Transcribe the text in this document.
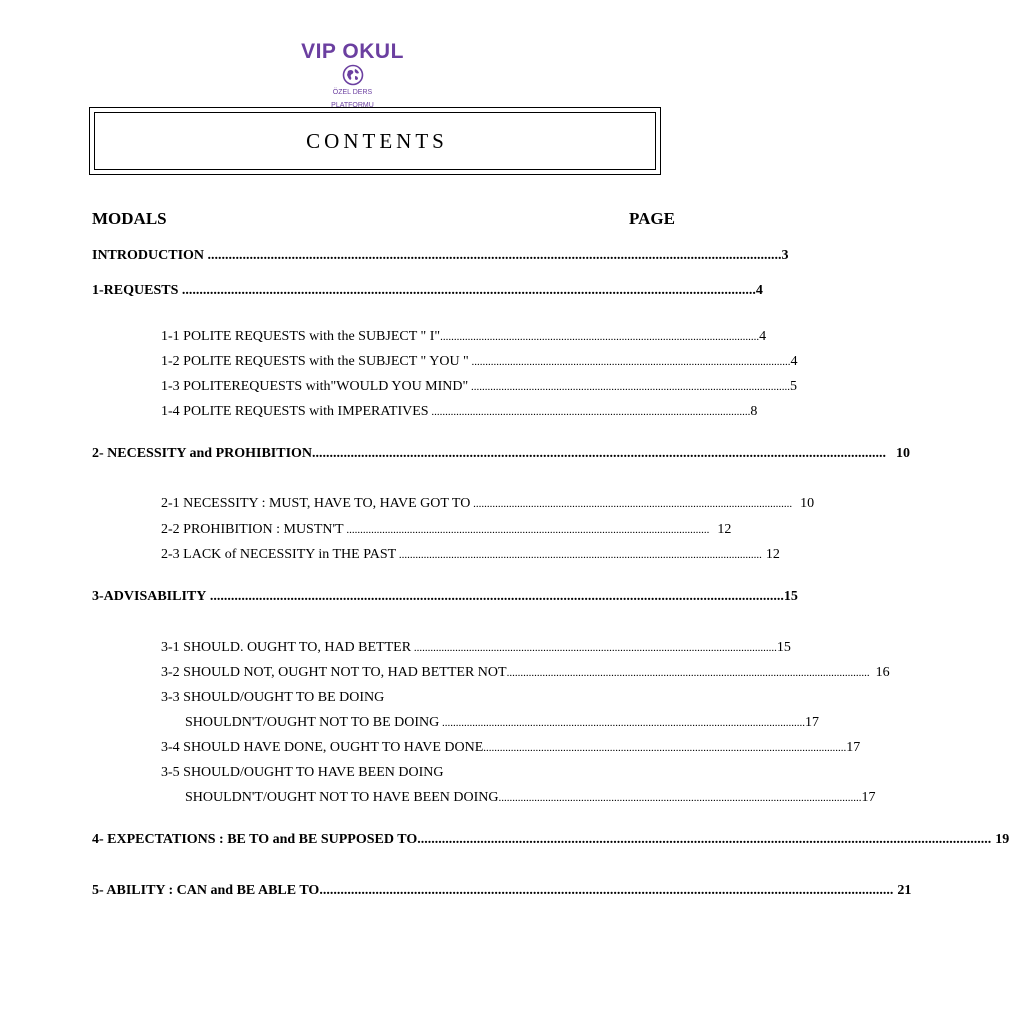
VIP OKUL
ÖZEL DERS
PLATFORMU
CONTENTS
MODALS	PAGE
INTRODUCTION .................................................................................................................................................................... 3
1-REQUESTS .................................................................................................................................................................... 4
1-1 POLITE REQUESTS with the SUBJECT " I" .................................................................................................................... 4
1-2 POLITE REQUESTS with the SUBJECT " YOU " .................................................................................................................... 4
1-3 POLITEREQUESTS with"WOULD YOU MIND" .................................................................................................................... 5
1-4 POLITE REQUESTS with IMPERATIVES .................................................................................................................... 8
2- NECESSITY and PROHIBITION .................................................................................................................................................................... 10
2-1 NECESSITY : MUST, HAVE TO, HAVE GOT TO .................................................................................................................... 10
2-2 PROHIBITION : MUSTN'T .................................................................................................................................... 12
2-3 LACK of NECESSITY in THE PAST .................................................................................................................................... 12
3-ADVISABILITY .................................................................................................................................................................... 15
3-1 SHOULD. OUGHT TO, HAD BETTER .................................................................................................................................... 15
3-2 SHOULD NOT, OUGHT NOT TO, HAD BETTER NOT .................................................................................................................................... 16
3-3 SHOULD/OUGHT TO BE DOING
SHOULDN'T/OUGHT NOT TO BE DOING .................................................................................................................................... 17
3-4 SHOULD HAVE DONE, OUGHT TO HAVE DONE .................................................................................................................................... 17
3-5 SHOULD/OUGHT TO HAVE BEEN DOING
SHOULDN'T/OUGHT NOT TO HAVE BEEN DOING .................................................................................................................................... 17
4- EXPECTATIONS : BE TO and BE SUPPOSED TO .................................................................................................................................................................... 19
5- ABILITY : CAN and BE ABLE TO .................................................................................................................................................................... 21
